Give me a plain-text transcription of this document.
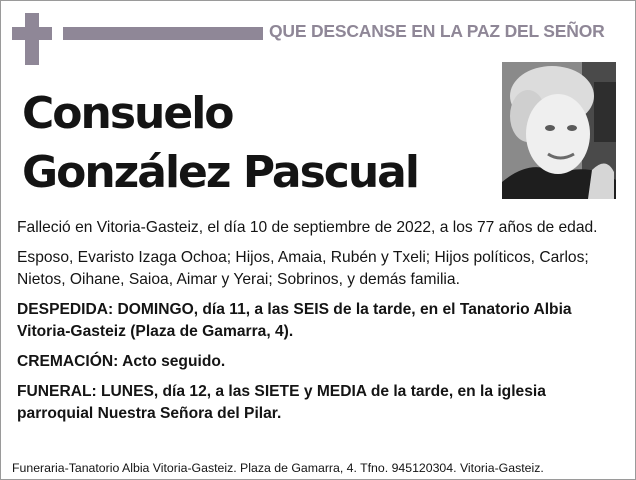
QUE DESCANSE EN LA PAZ DEL SEÑOR
Consuelo
González Pascual

Falleció en Vitoria-Gasteiz, el día 10 de septiembre de 2022, a los 77 años de edad.

Esposo, Evaristo Izaga Ochoa; Hijos, Amaia, Rubén y Txeli; Hijos políticos, Carlos; Nietos, Oihane, Saioa, Aimar y Yerai; Sobrinos, y demás familia.

DESPEDIDA: DOMINGO, día 11, a las SEIS de la tarde, en el Tanatorio Albia Vitoria-Gasteiz (Plaza de Gamarra, 4).

CREMACIÓN: Acto seguido.

FUNERAL: LUNES, día 12, a las SIETE y MEDIA de la tarde, en la iglesia parroquial Nuestra Señora del Pilar.

Funeraria-Tanatorio Albia Vitoria-Gasteiz. Plaza de Gamarra, 4. Tfno. 945120304. Vitoria-Gasteiz.
